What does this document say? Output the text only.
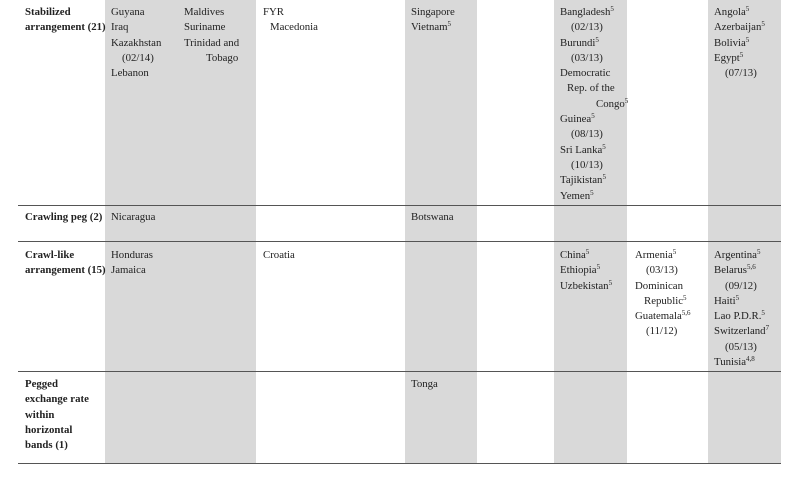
Stabilized arrangement (21)
Guyana
Iraq
Kazakhstan
(02/14)
Lebanon
Maldives
Suriname
Trinidad and
Tobago
FYR
Macedonia
Singapore
Vietnam$^5$
Bangladesh$^5$
(02/13)
Burundi$^5$
(03/13)
Democratic
Rep. of the
Congo$^5$
Guinea$^5$
(08/13)
Sri Lanka$^5$
(10/13)
Tajikistan$^5$
Yemen$^5$
Angola$^5$
Azerbaijan$^5$
Bolivia$^5$
Egypt$^5$
(07/13)
Crawling peg (2) Nicaragua	Botswana
Crawl-like arrangement (15)
Honduras
Jamaica
Croatia	China$^5$
Ethiopia$^5$
Uzbekistan$^5$
Armenia$^5$
(03/13)
Dominican
Republic$^5$
Guatemala$^{5,6}$
(11/12)
Argentina$^5$
Belarus$^{5,6}$
(09/12)
Haiti$^5$
Lao P.D.R.$^5$
Switzerland$^7$
(05/13)
Tunisia$^{4,8}$
Pegged exchange rate within horizontal bands (1)
Tonga
